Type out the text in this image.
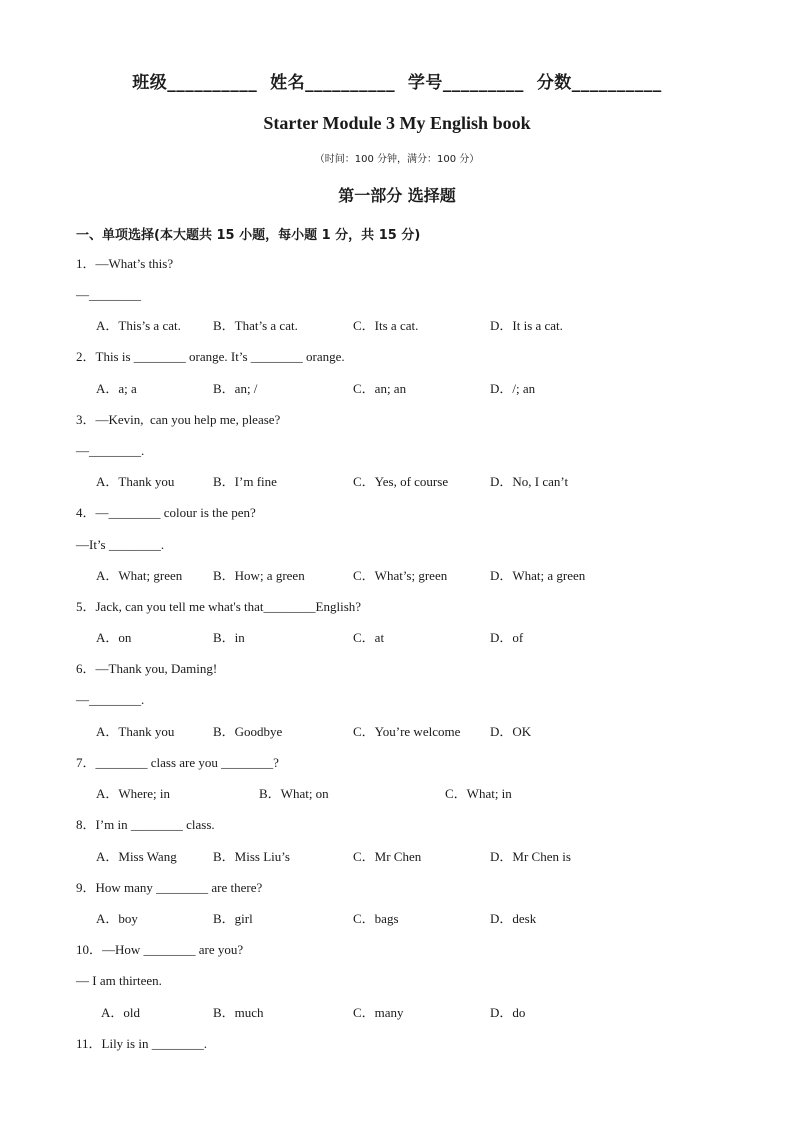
班级__________  姓名__________  学号_________  分数__________
Starter Module 3 My English book
（时间：100 分钟，满分：100 分）
第一部分 选择题
一、单项选择(本大题共 15 小题，每小题 1 分，共 15 分)
1．—What’s this?
—________
A．This’s a cat. B．That’s a cat.	C．Its a cat.	D．It is a cat.
2．This is ________ orange. It’s ________ orange.
A．a; a	B．an; /	C．an; an	D．/; an
3．—Kevin,  can you help me, please?
—________.
A．Thank you	B．I’m fine	C．Yes, of course	D．No, I can’t
4．—________ colour is the pen?
—It’s ________.
A．What; green B．How; a green	C．What’s; green	D．What; a green
5．Jack, can you tell me what's that________English?
A．on	B．in	C．at	D．of
6．—Thank you, Daming!
—________.
A．Thank you	B．Goodbye	C．You’re welcome D．OK
7．________ class are you ________?
A．Where; in	B．What; on	C．What; in
8．I’m in ________ class.
A．Miss Wang	B．Miss Liu’s	C．Mr Chen	D．Mr Chen is
9．How many ________ are there?
A．boy	B．girl	C．bags	D．desk
10．—How ________ are you?
— I am thirteen.
A．old	B．much	C．many	D．do
11．Lily is in ________.
